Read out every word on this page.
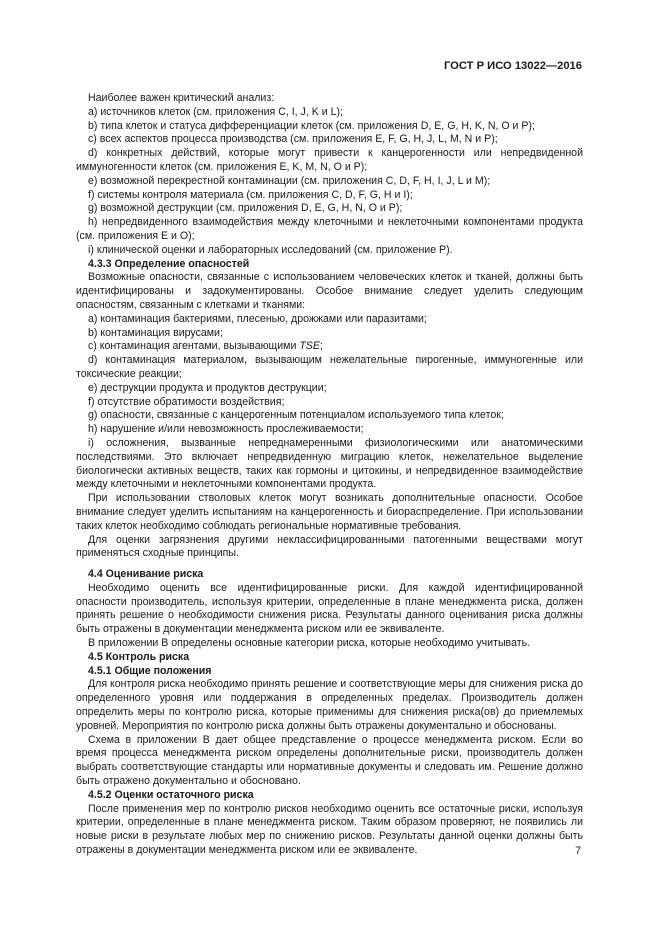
ГОСТ Р ИСО 13022—2016

Наиболее важен критический анализ:

a) источников клеток (см. приложения C, I, J, K и L);

b) типа клеток и статуса дифференциации клеток (см. приложения D, E, G, H, K, N, O и P);

c) всех аспектов процесса производства (см. приложения E, F, G, H, J, L, M, N и P);

d) конкретных действий, которые могут привести к канцерогенности или непредвиденной иммуногенности клеток (см. приложения E, K, M, N, O и P);

e) возможной перекрестной контаминации (см. приложения C, D, F, H, I, J, L и M);

f) системы контроля материала (см. приложения C, D, F, G, H и I);

g) возможной деструкции (см. приложения D, E, G, H, N, O и P);

h) непредвиденного взаимодействия между клеточными и неклеточными компонентами продукта (см. приложения E и O);

i) клинической оценки и лабораторных исследований (см. приложение P).

4.3.3 Определение опасностей

Возможные опасности, связанные с использованием человеческих клеток и тканей, должны быть идентифицированы и задокументированы. Особое внимание следует уделить следующим опасностям, связанным с клетками и тканями:

a) контаминация бактериями, плесенью, дрожжами или паразитами;

b) контаминация вирусами;

c) контаминация агентами, вызывающими TSE;

d) контаминация материалом, вызывающим нежелательные пирогенные, иммуногенные или токсические реакции;

e) деструкции продукта и продуктов деструкции;

f) отсутствие обратимости воздействия;

g) опасности, связанные с канцерогенным потенциалом используемого типа клеток;

h) нарушение и/или невозможность прослеживаемости;

i) осложнения, вызванные непреднамеренными физиологическими или анатомическими последствиями. Это включает непредвиденную миграцию клеток, нежелательное выделение биологически активных веществ, таких как гормоны и цитокины, и непредвиденное взаимодействие между клеточными и неклеточными компонентами продукта.

При использовании стволовых клеток могут возникать дополнительные опасности. Особое внимание следует уделить испытаниям на канцерогенность и биораспределение. При использовании таких клеток необходимо соблюдать региональные нормативные требования.

Для оценки загрязнения другими неклассифицированными патогенными веществами могут применяться сходные принципы.

4.4 Оценивание риска

Необходимо оценить все идентифицированные риски. Для каждой идентифицированной опасности производитель, используя критерии, определенные в плане менеджмента риска, должен принять решение о необходимости снижения риска. Результаты данного оценивания риска должны быть отражены в документации менеджмента риском или ее эквиваленте.

В приложении B определены основные категории риска, которые необходимо учитывать.

4.5 Контроль риска

4.5.1 Общие положения

Для контроля риска необходимо принять решение и соответствующие меры для снижения риска до определенного уровня или поддержания в определенных пределах. Производитель должен определить меры по контролю риска, которые применимы для снижения риска(ов) до приемлемых уровней. Мероприятия по контролю риска должны быть отражены документально и обоснованы.

Схема в приложении B дает общее представление о процессе менеджмента риском. Если во время процесса менеджмента риском определены дополнительные риски, производитель должен выбрать соответствующие стандарты или нормативные документы и следовать им. Решение должно быть отражено документально и обосновано.

4.5.2 Оценки остаточного риска

После применения мер по контролю рисков необходимо оценить все остаточные риски, используя критерии, определенные в плане менеджмента риском. Таким образом проверяют, не появились ли новые риски в результате любых мер по снижению рисков. Результаты данной оценки должны быть отражены в документации менеджмента риском или ее эквиваленте.	7
